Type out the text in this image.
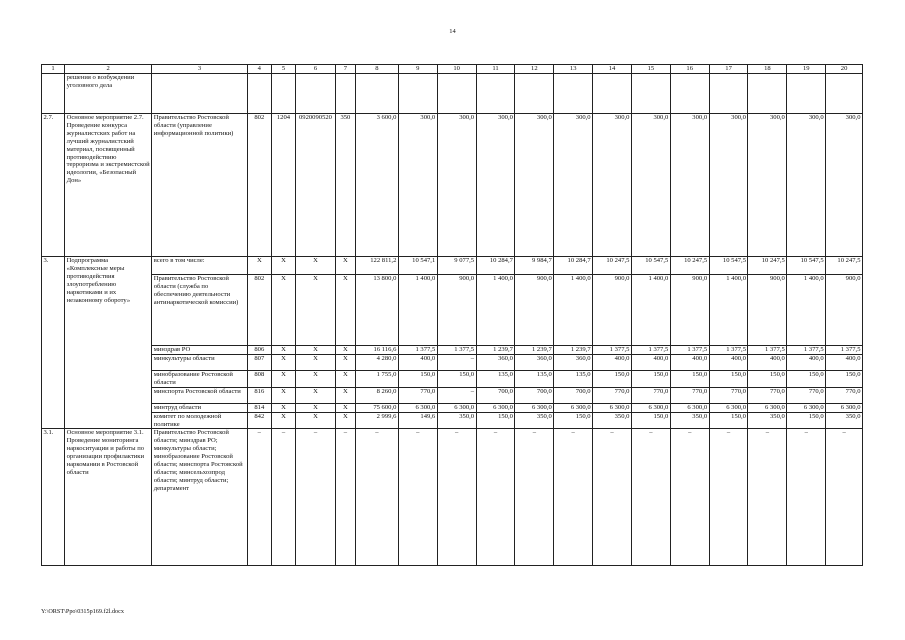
14
1	2	3	4	5	6	7	8	9	10	11	12	13	14	15	16	17	18	19	20
	решения о возбуждении уголовного дела																		
2.7.	Основное мероприятие 2.7. Проведение конкурса журналистских работ на лучший журналистский материал, посвященный противодействию терроризма и экстремистской идеологии, «Безопасный Дон»	Правительство Ростовской области (управление информационной политики)	802	1204	0920090520	350	3 600,0	300,0	300,0	300,0	300,0	300,0	300,0	300,0	300,0	300,0	300,0	300,0	300,0
3.	Подпрограмма «Комплексные меры противодействия злоупотреблению наркотиками и их незаконному обороту»	всего в том числе:	X	X	X	X	122 811,2	10 547,1	9 077,5	10 284,7	9 984,7	10 284,7	10 247,5	10 547,5	10 247,5	10 547,5	10 247,5	10 547,5	10 247,5
		Правительство Ростовской области (служба по обеспечению деятельности антинаркотической комиссии)	802	X	X	X	13 800,0	1 400,0	900,0	1 400,0	900,0	1 400,0	900,0	1 400,0	900,0	1 400,0	900,0	1 400,0	900,0
		минздрав РО	806	X	X	X	16 116,6	1 377,5	1 377,5	1 239,7	1 239,7	1 239,7	1 377,5	1 377,5	1 377,5	1 377,5	1 377,5	1 377,5	1 377,5
		минкультуры области	807	X	X	X	4 280,0	400,0	–	360,0	360,0	360,0	400,0	400,0	400,0	400,0	400,0	400,0	400,0
		минобразование Ростовской области	808	X	X	X	1 755,0	150,0	150,0	135,0	135,0	135,0	150,0	150,0	150,0	150,0	150,0	150,0	150,0
		минспорта Ростовской области	816	X	X	X	8 260,0	770,0	–	700,0	700,0	700,0	770,0	770,0	770,0	770,0	770,0	770,0	770,0
		минтруд области	814	X	X	X	75 600,0	6 300,0	6 300,0	6 300,0	6 300,0	6 300,0	6 300,0	6 300,0	6 300,0	6 300,0	6 300,0	6 300,0	6 300,0
		комитет по молодежной политике	842	X	X	X	2 999,6	149,6	350,0	150,0	350,0	150,0	350,0	150,0	350,0	150,0	350,0	150,0	350,0
3.1.	Основное мероприятие 3.1. Проведение мониторинга наркоситуации и работы по организации профилактики наркомании в Ростовской области	Правительство Ростовской области; минздрав РО; минкультуры области; минобразование Ростовской области; минспорта Ростовской области; минсельхозпрод области; минтруд области; департамент	–	–	–	–	–	–	–	–	–	–	–	–	–	–	–	–	–
Y:\ORST\Ppo\0315p169.f2l.docx
